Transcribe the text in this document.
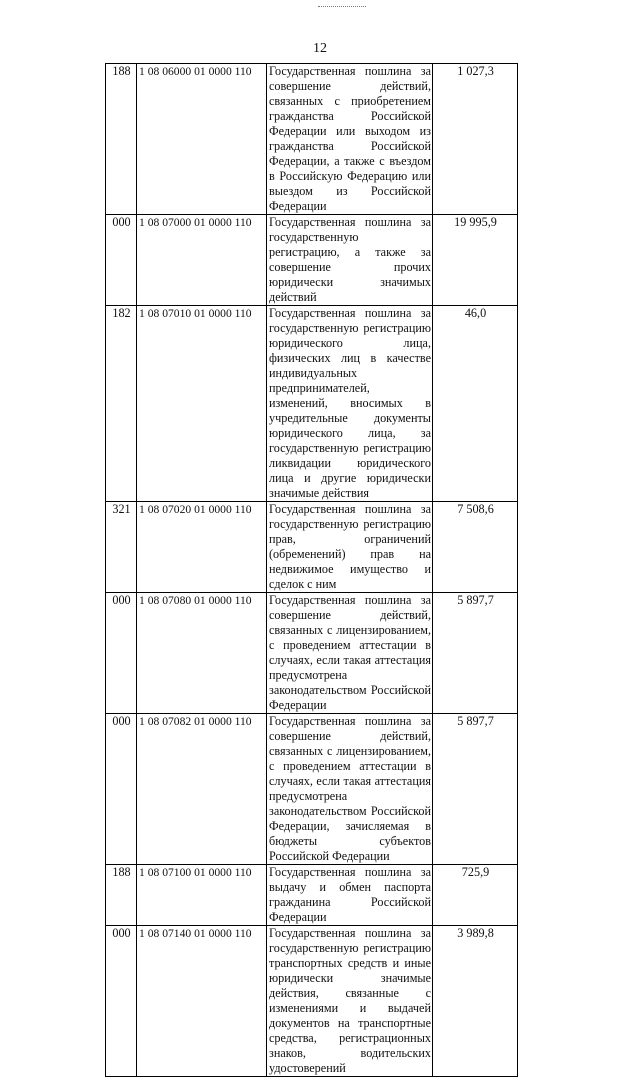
12
188	1 08 06000 01 0000 110	Государственная пошлина за совершение действий, связанных с приобретением гражданства Российской Федерации или выходом из гражданства Российской Федерации, а также с въездом в Российскую Федерацию или выездом из Российской Федерации	1 027,3
000	1 08 07000 01 0000 110	Государственная пошлина за государственную регистрацию, а также за совершение прочих юридически значимых действий	19 995,9
182	1 08 07010 01 0000 110	Государственная пошлина за государственную регистрацию юридического лица, физических лиц в качестве индивидуальных предпринимателей, изменений, вносимых в учредительные документы юридического лица, за государственную регистрацию ликвидации юридического лица и другие юридически значимые действия	46,0
321	1 08 07020 01 0000 110	Государственная пошлина за государственную регистрацию прав, ограничений (обременений) прав на недвижимое имущество и сделок с ним	7 508,6
000	1 08 07080 01 0000 110	Государственная пошлина за совершение действий, связанных с лицензированием, с проведением аттестации в случаях, если такая аттестация предусмотрена законодательством Российской Федерации	5 897,7
000	1 08 07082 01 0000 110	Государственная пошлина за совершение действий, связанных с лицензированием, с проведением аттестации в случаях, если такая аттестация предусмотрена законодательством Российской Федерации, зачисляемая в бюджеты субъектов Российской Федерации	5 897,7
188	1 08 07100 01 0000 110	Государственная пошлина за выдачу и обмен паспорта гражданина Российской Федерации	725,9
000	1 08 07140 01 0000 110	Государственная пошлина за государственную регистрацию транспортных средств и иные юридически значимые действия, связанные с изменениями и выдачей документов на транспортные средства, регистрационных знаков, водительских удостоверений	3 989,8
